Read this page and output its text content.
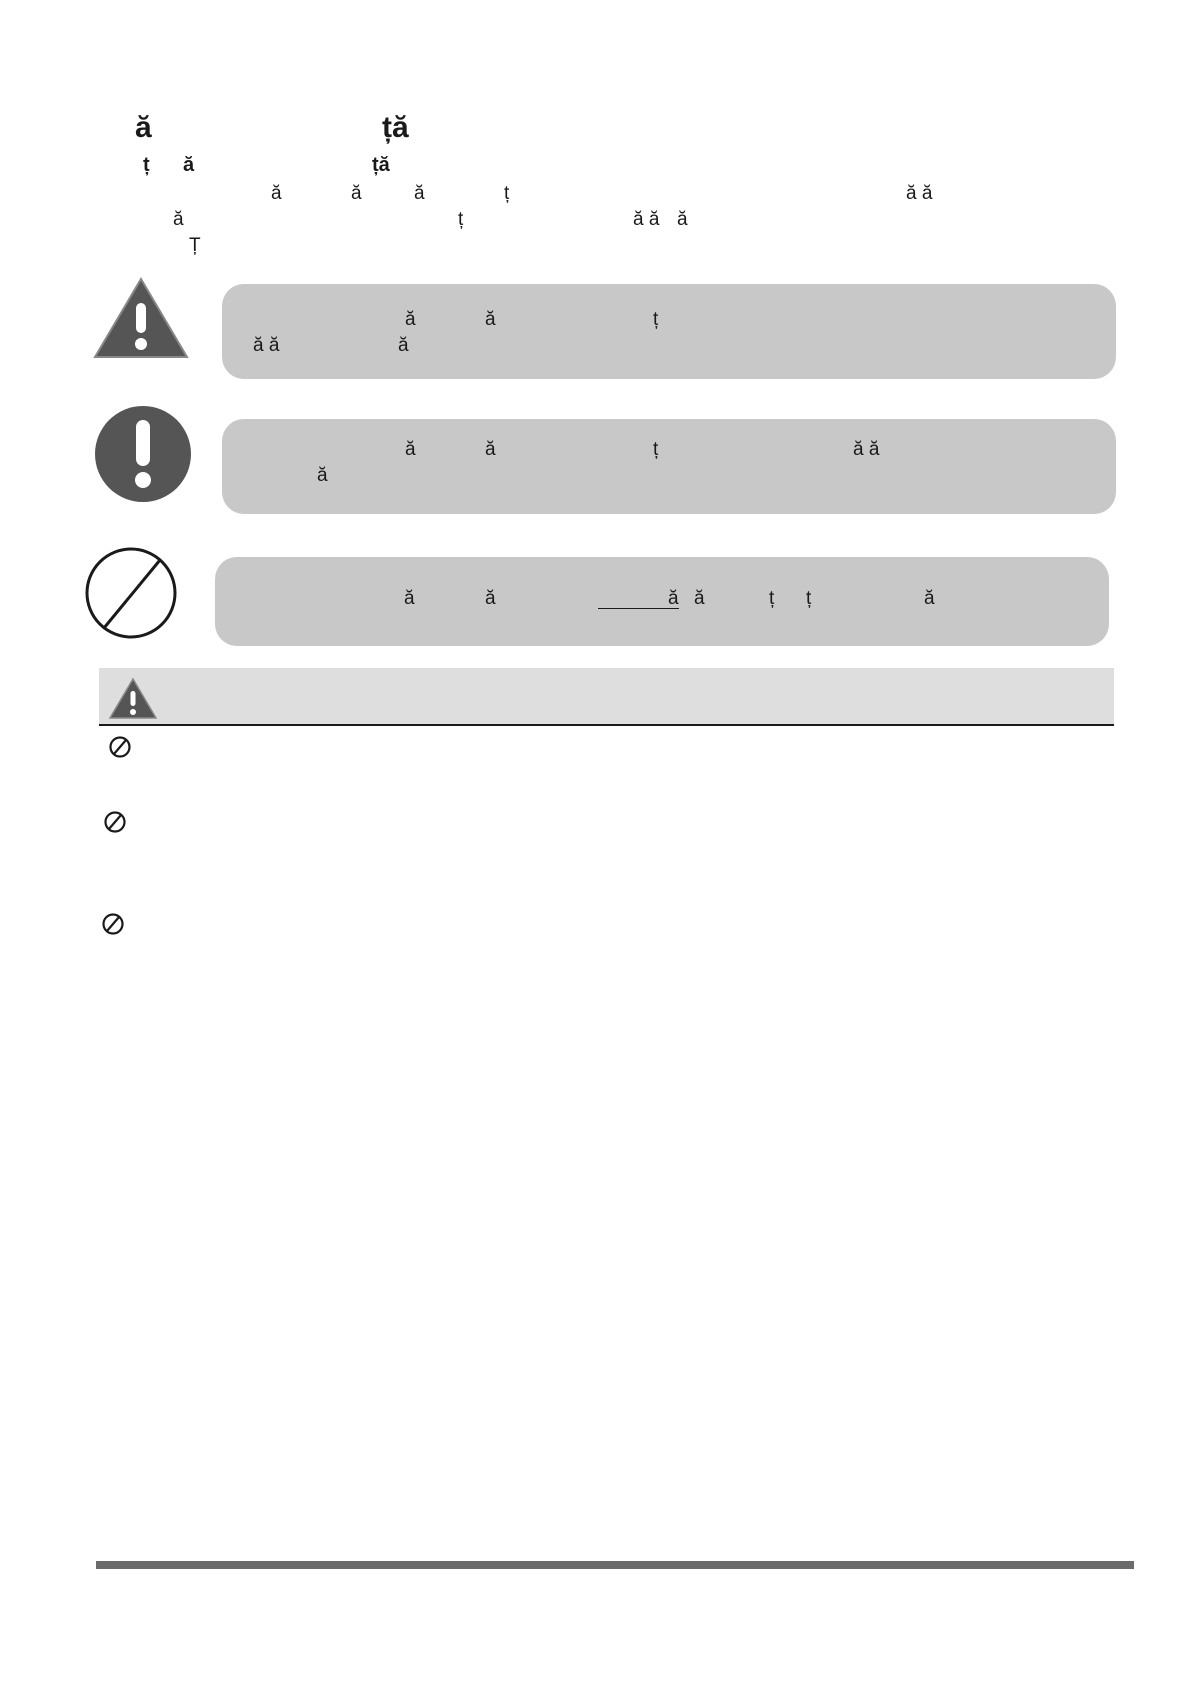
ă	ță
ț ă	ță
ă	ă	ă	ț	ă ă
ă	ț	ă ă ă
Ț
ă	ă	ț
ă ă	ă
ă	ă	ț	ă ă
ă
ă	ă	ă ă	ț ț	ă
